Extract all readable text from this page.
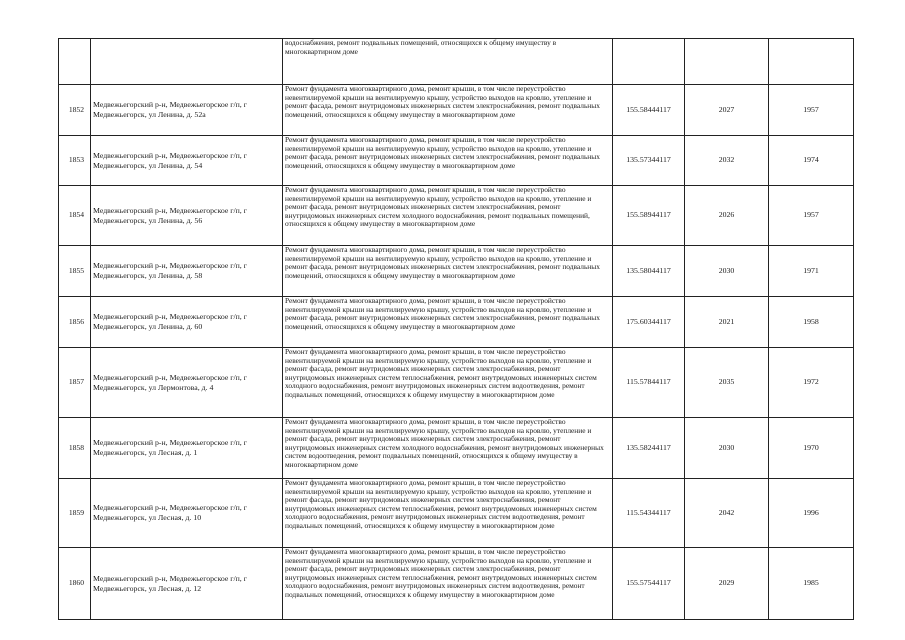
		водоснабжения, ремонт подвальных помещений, относящихся к общему имуществу в многоквартирном доме			
1852	Медвежьегорский р-н, Медвежьегорское г/п, г Медвежьегорск, ул Ленина, д. 52а	Ремонт фундамента многоквартирного дома, ремонт крыши, в том числе переустройство невентилируемой крыши на вентилируемую крышу, устройство выходов на кровлю, утепление и ремонт фасада, ремонт внутридомовых инженерных систем электроснабжения, ремонт подвальных помещений, относящихся к общему имуществу в многоквартирном доме	155.58444117	2027	1957
1853	Медвежьегорский р-н, Медвежьегорское г/п, г Медвежьегорск, ул Ленина, д. 54	Ремонт фундамента многоквартирного дома, ремонт крыши, в том числе переустройство невентилируемой крыши на вентилируемую крышу, устройство выходов на кровлю, утепление и ремонт фасада, ремонт внутридомовых инженерных систем электроснабжения, ремонт подвальных помещений, относящихся к общему имуществу в многоквартирном доме	135.57344117	2032	1974
1854	Медвежьегорский р-н, Медвежьегорское г/п, г Медвежьегорск, ул Ленина, д. 56	Ремонт фундамента многоквартирного дома, ремонт крыши, в том числе переустройство невентилируемой крыши на вентилируемую крышу, устройство выходов на кровлю, утепление и ремонт фасада, ремонт внутридомовых инженерных систем электроснабжения, ремонт внутридомовых инженерных систем холодного водоснабжения, ремонт подвальных помещений, относящихся к общему имуществу в многоквартирном доме	155.58944117	2026	1957
1855	Медвежьегорский р-н, Медвежьегорское г/п, г Медвежьегорск, ул Ленина, д. 58	Ремонт фундамента многоквартирного дома, ремонт крыши, в том числе переустройство невентилируемой крыши на вентилируемую крышу, устройство выходов на кровлю, утепление и ремонт фасада, ремонт внутридомовых инженерных систем электроснабжения, ремонт подвальных помещений, относящихся к общему имуществу в многоквартирном доме	135.58044117	2030	1971
1856	Медвежьегорский р-н, Медвежьегорское г/п, г Медвежьегорск, ул Ленина, д. 60	Ремонт фундамента многоквартирного дома, ремонт крыши, в том числе переустройство невентилируемой крыши на вентилируемую крышу, устройство выходов на кровлю, утепление и ремонт фасада, ремонт внутридомовых инженерных систем электроснабжения, ремонт подвальных помещений, относящихся к общему имуществу в многоквартирном доме	175.60344117	2021	1958
1857	Медвежьегорский р-н, Медвежьегорское г/п, г Медвежьегорск, ул Лермонтова, д. 4	Ремонт фундамента многоквартирного дома, ремонт крыши, в том числе переустройство невентилируемой крыши на вентилируемую крышу, устройство выходов на кровлю, утепление и ремонт фасада, ремонт внутридомовых инженерных систем электроснабжения, ремонт внутридомовых инженерных систем теплоснабжения, ремонт внутридомовых инженерных систем холодного водоснабжения, ремонт внутридомовых инженерных систем водоотведения, ремонт подвальных помещений, относящихся к общему имуществу в многоквартирном доме	115.57844117	2035	1972
1858	Медвежьегорский р-н, Медвежьегорское г/п, г Медвежьегорск, ул Лесная, д. 1	Ремонт фундамента многоквартирного дома, ремонт крыши, в том числе переустройство невентилируемой крыши на вентилируемую крышу, устройство выходов на кровлю, утепление и ремонт фасада, ремонт внутридомовых инженерных систем электроснабжения, ремонт внутридомовых инженерных систем холодного водоснабжения, ремонт внутридомовых инженерных систем водоотведения, ремонт подвальных помещений, относящихся к общему имуществу в многоквартирном доме	135.58244117	2030	1970
1859	Медвежьегорский р-н, Медвежьегорское г/п, г Медвежьегорск, ул Лесная, д. 10	Ремонт фундамента многоквартирного дома, ремонт крыши, в том числе переустройство невентилируемой крыши на вентилируемую крышу, устройство выходов на кровлю, утепление и ремонт фасада, ремонт внутридомовых инженерных систем электроснабжения, ремонт внутридомовых инженерных систем теплоснабжения, ремонт внутридомовых инженерных систем холодного водоснабжения, ремонт внутридомовых инженерных систем водоотведения, ремонт подвальных помещений, относящихся к общему имуществу в многоквартирном доме	115.54344117	2042	1996
1860	Медвежьегорский р-н, Медвежьегорское г/п, г Медвежьегорск, ул Лесная, д. 12	Ремонт фундамента многоквартирного дома, ремонт крыши, в том числе переустройство невентилируемой крыши на вентилируемую крышу, устройство выходов на кровлю, утепление и ремонт фасада, ремонт внутридомовых инженерных систем электроснабжения, ремонт внутридомовых инженерных систем теплоснабжения, ремонт внутридомовых инженерных систем холодного водоснабжения, ремонт внутридомовых инженерных систем водоотведения, ремонт подвальных помещений, относящихся к общему имуществу в многоквартирном доме	155.57544117	2029	1985
